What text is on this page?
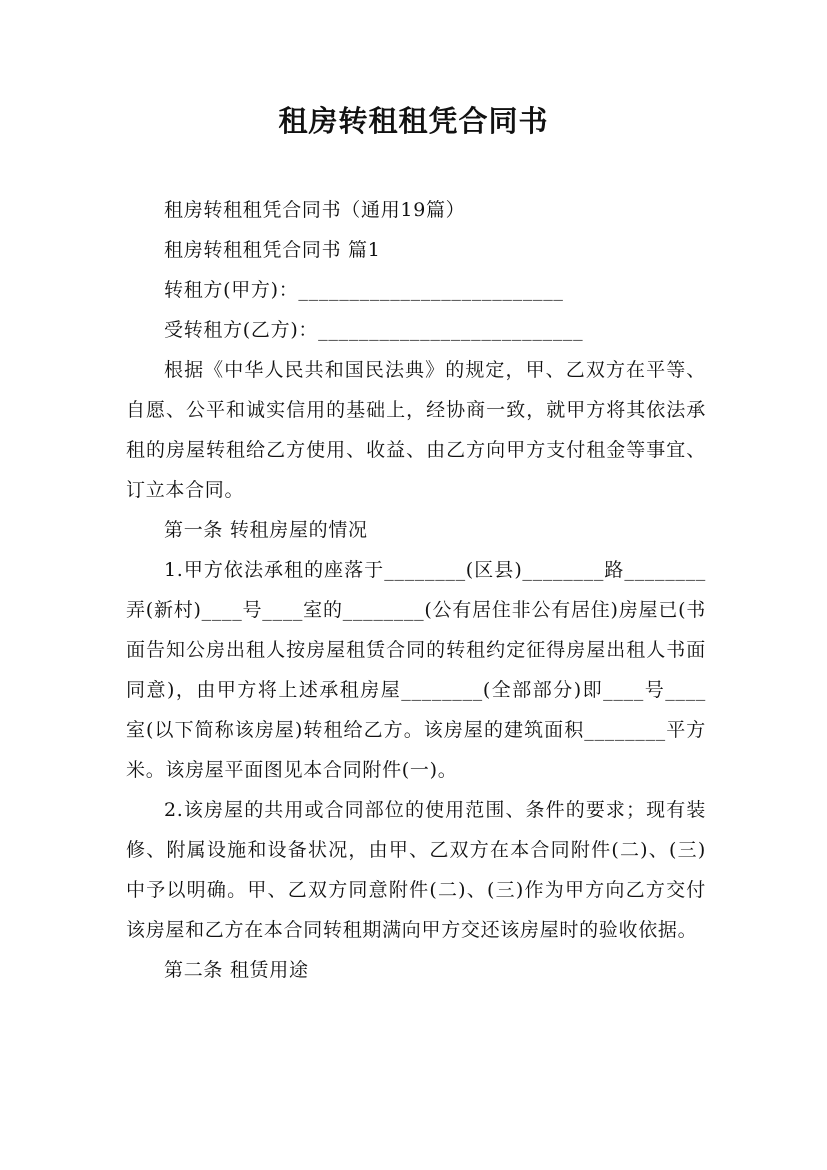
租房转租租凭合同书

租房转租租凭合同书（通用19篇）

租房转租租凭合同书 篇1

转租方(甲方)：__________________________

受转租方(乙方)：__________________________

根据《中华人民共和国民法典》的规定，甲、乙双方在平等、自愿、公平和诚实信用的基础上，经协商一致，就甲方将其依法承租的房屋转租给乙方使用、收益、由乙方向甲方支付租金等事宜、订立本合同。

第一条 转租房屋的情况

1.甲方依法承租的座落于________(区县)________路________弄(新村)____号____室的________(公有居住非公有居住)房屋已(书面告知公房出租人按房屋租赁合同的转租约定征得房屋出租人书面同意)，由甲方将上述承租房屋________(全部部分)即____号____室(以下简称该房屋)转租给乙方。该房屋的建筑面积________平方米。该房屋平面图见本合同附件(一)。

2.该房屋的共用或合同部位的使用范围、条件的要求；现有装修、附属设施和设备状况，由甲、乙双方在本合同附件(二)、(三)中予以明确。甲、乙双方同意附件(二)、(三)作为甲方向乙方交付该房屋和乙方在本合同转租期满向甲方交还该房屋时的验收依据。

第二条 租赁用途
